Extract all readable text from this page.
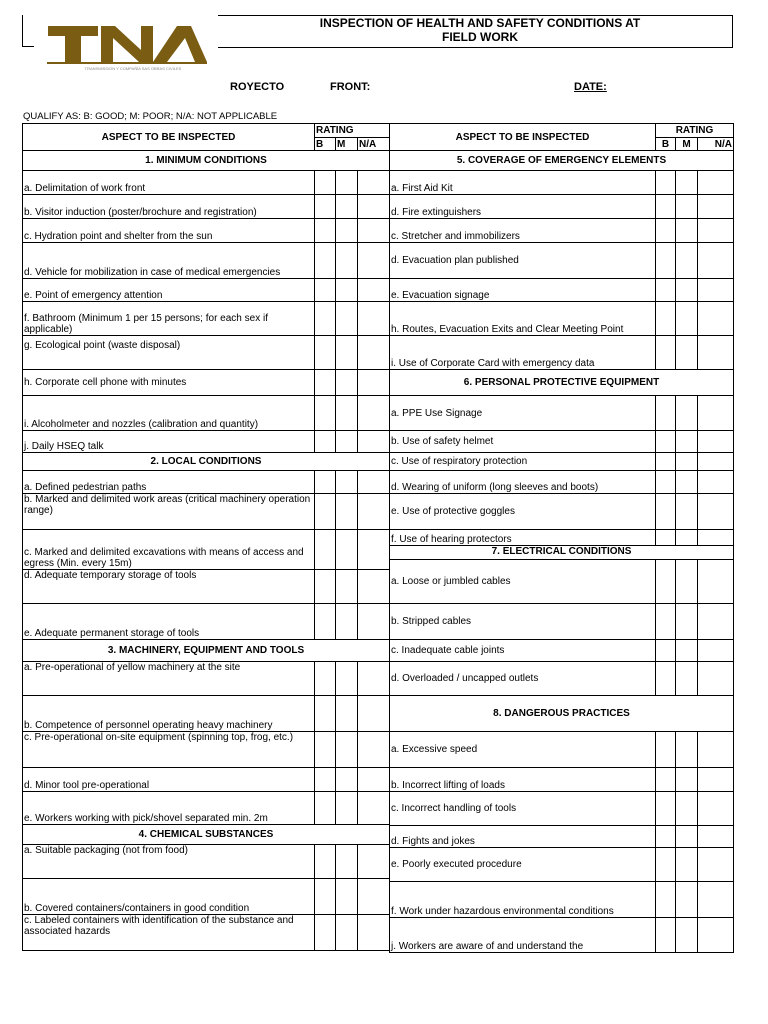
INSPECTION OF HEALTH AND SAFETY CONDITIONS AT
FIELD WORK
TRANSMISSION Y COMPAÑÍA SAS OBRAS CIVILES
ROYECTO	FRONT:	DATE:
QUALIFY AS: B: GOOD; M: POOR; N/A: NOT APPLICABLE
ASPECT TO BE INSPECTED	RATING		
	B	M	N/A
1. MINIMUM CONDITIONS			
a. Delimitation of work front			
b. Visitor induction (poster/brochure and registration)			
c. Hydration point and shelter from the sun			
d. Vehicle for mobilization in case of medical emergencies			
e. Point of emergency attention			
f. Bathroom (Minimum 1 per 15 persons; for each sex if applicable)			
g. Ecological point (waste disposal)			
h. Corporate cell phone with minutes			
i. Alcoholmeter and nozzles (calibration and quantity)			
j. Daily HSEQ talk			
2. LOCAL CONDITIONS			
a. Defined pedestrian paths			
b. Marked and delimited work areas (critical machinery operation range)			
c. Marked and delimited excavations with means of access and egress (Min. every 15m)			
d. Adequate temporary storage of tools			
e. Adequate permanent storage of tools			
3. MACHINERY, EQUIPMENT AND TOOLS			
a. Pre-operational of yellow machinery at the site			
b. Competence of personnel operating heavy machinery			
c. Pre-operational on-site equipment (spinning top, frog, etc.)			
d. Minor tool pre-operational			
e. Workers working with pick/shovel separated min. 2m			
4. CHEMICAL SUBSTANCES			
a. Suitable packaging (not from food)			
b. Covered containers/containers in good condition			
c. Labeled containers with identification of the substance and associated hazards			
ASPECT TO BE INSPECTED	RATING		
	B	M	N/A
5. COVERAGE OF EMERGENCY ELEMENTS			
a. First Aid Kit			
d. Fire extinguishers			
c. Stretcher and immobilizers			
d. Evacuation plan published			
e. Evacuation signage			
h. Routes, Evacuation Exits and Clear Meeting Point			
i. Use of Corporate Card with emergency data			
6. PERSONAL PROTECTIVE EQUIPMENT			
a. PPE Use Signage			
b. Use of safety helmet			
c. Use of respiratory protection			
d. Wearing of uniform (long sleeves and boots)			
e. Use of protective goggles			
f. Use of hearing protectors			
7. ELECTRICAL CONDITIONS			
a. Loose or jumbled cables			
b. Stripped cables			
c. Inadequate cable joints			
d. Overloaded / uncapped outlets			
8. DANGEROUS PRACTICES			
a. Excessive speed			
b. Incorrect lifting of loads			
c. Incorrect handling of tools			
d. Fights and jokes			
e. Poorly executed procedure			
f. Work under hazardous environmental conditions			
j. Workers are aware of and understand the			
